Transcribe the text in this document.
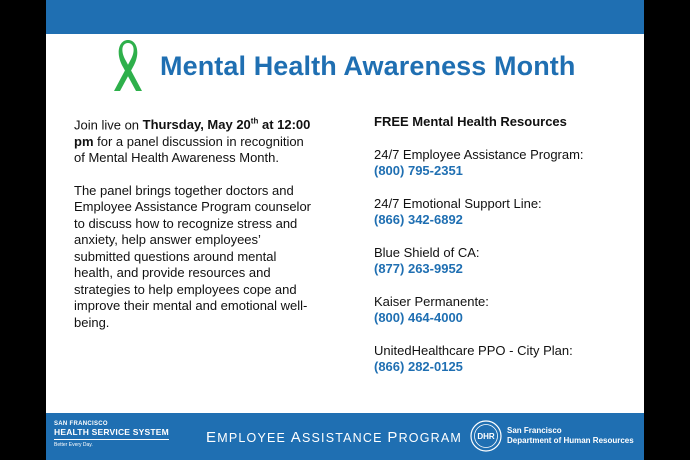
Mental Health Awareness Month

Join live on Thursday, May 20th at 12:00 pm for a panel discussion in recognition of Mental Health Awareness Month.

The panel brings together doctors and Employee Assistance Program counselor to discuss how to recognize stress and anxiety, help answer employees’ submitted questions around mental health, and provide resources and strategies to help employees cope and improve their mental and emotional well-being.

FREE Mental Health Resources
24/7 Employee Assistance Program:
(800) 795-2351
24/7 Emotional Support Line:
(866) 342-6892
Blue Shield of CA:
(877) 263-9952
Kaiser Permanente:
(800) 464-4000
UnitedHealthcare PPO - City Plan:
(866) 282-0125
SAN FRANCISCO
HEALTH SERVICE SYSTEM
Better Every Day.	EMPLOYEE ASSISTANCE PROGRAM DHR
San Francisco
Department of Human Resources
